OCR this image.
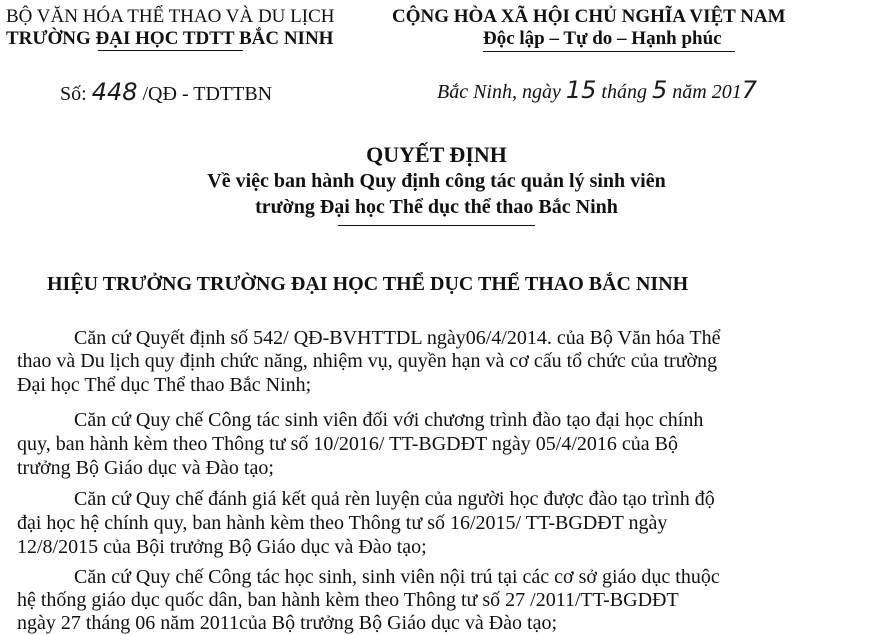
BỘ VĂN HÓA THỂ THAO VÀ DU LỊCH
TRƯỜNG ĐẠI HỌC TDTT BẮC NINH
CỘNG HÒA XÃ HỘI CHỦ NGHĨA VIỆT NAM
Độc lập – Tự do – Hạnh phúc
Số: 448 /QĐ - TDTTBN	Bắc Ninh, ngày 15 tháng 5 năm 2017
QUYẾT ĐỊNH
Về việc ban hành Quy định công tác quản lý sinh viên
trường Đại học Thể dục thể thao Bắc Ninh
HIỆU TRƯỞNG TRƯỜNG ĐẠI HỌC THỂ DỤC THỂ THAO BẮC NINH
Căn cứ Quyết định số 542/ QĐ-BVHTTDL ngày06/4/2014. của Bộ Văn hóa Thể
thao và Du lịch quy định chức năng, nhiệm vụ, quyền hạn và cơ cấu tổ chức của trường
Đại học Thể dục Thể thao Bắc Ninh;
Căn cứ Quy chế Công tác sinh viên đối với chương trình đào tạo đại học chính
quy, ban hành kèm theo Thông tư số 10/2016/ TT-BGDĐT ngày 05/4/2016 của Bộ
trưởng Bộ Giáo dục và Đào tạo;
Căn cứ Quy chế đánh giá kết quả rèn luyện của người học được đào tạo trình độ
đại học hệ chính quy, ban hành kèm theo Thông tư số 16/2015/ TT-BGDĐT ngày
12/8/2015 của Bội trưởng Bộ Giáo dục và Đào tạo;
Căn cứ Quy chế Công tác học sinh, sinh viên nội trú tại các cơ sở giáo dục thuộc
hệ thống giáo dục quốc dân, ban hành kèm theo Thông tư số 27 /2011/TT-BGDĐT
ngày 27 tháng 06 năm 2011của Bộ trưởng Bộ Giáo dục và Đào tạo;
